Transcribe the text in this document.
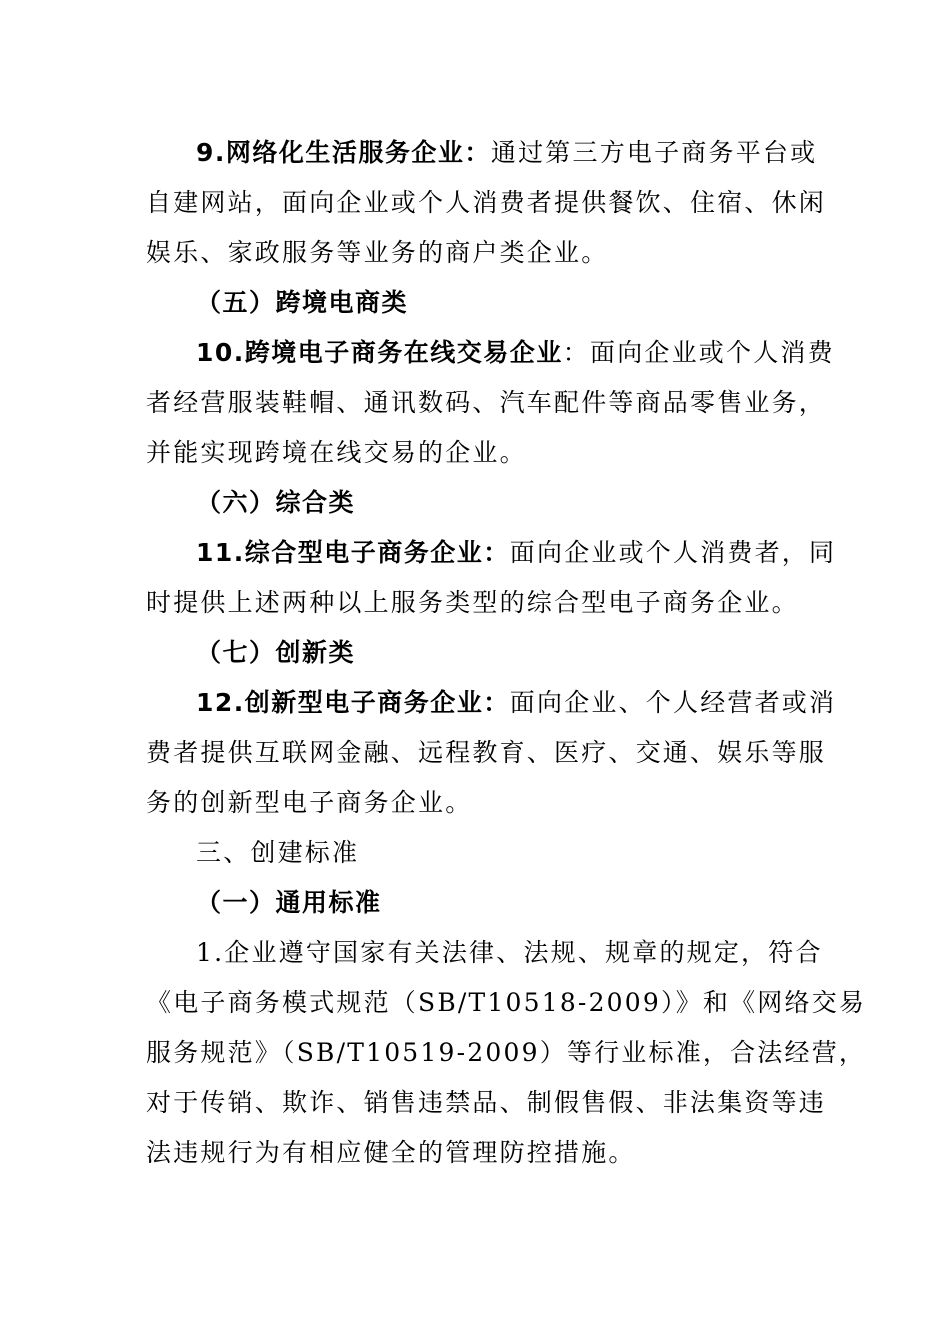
9.网络化生活服务企业：通过第三方电子商务平台或
自建网站，面向企业或个人消费者提供餐饮、住宿、休闲
娱乐、家政服务等业务的商户类企业。
（五）跨境电商类
10.跨境电子商务在线交易企业：面向企业或个人消费
者经营服装鞋帽、通讯数码、汽车配件等商品零售业务，
并能实现跨境在线交易的企业。
（六）综合类
11.综合型电子商务企业：面向企业或个人消费者，同
时提供上述两种以上服务类型的综合型电子商务企业。
（七）创新类
12.创新型电子商务企业：面向企业、个人经营者或消
费者提供互联网金融、远程教育、医疗、交通、娱乐等服
务的创新型电子商务企业。
三、创建标准
（一）通用标准
1.企业遵守国家有关法律、法规、规章的规定，符合
《电子商务模式规范（SB/T10518-2009）》和《网络交易
服务规范》（SB/T10519-2009）等行业标准，合法经营，
对于传销、欺诈、销售违禁品、制假售假、非法集资等违
法违规行为有相应健全的管理防控措施。
